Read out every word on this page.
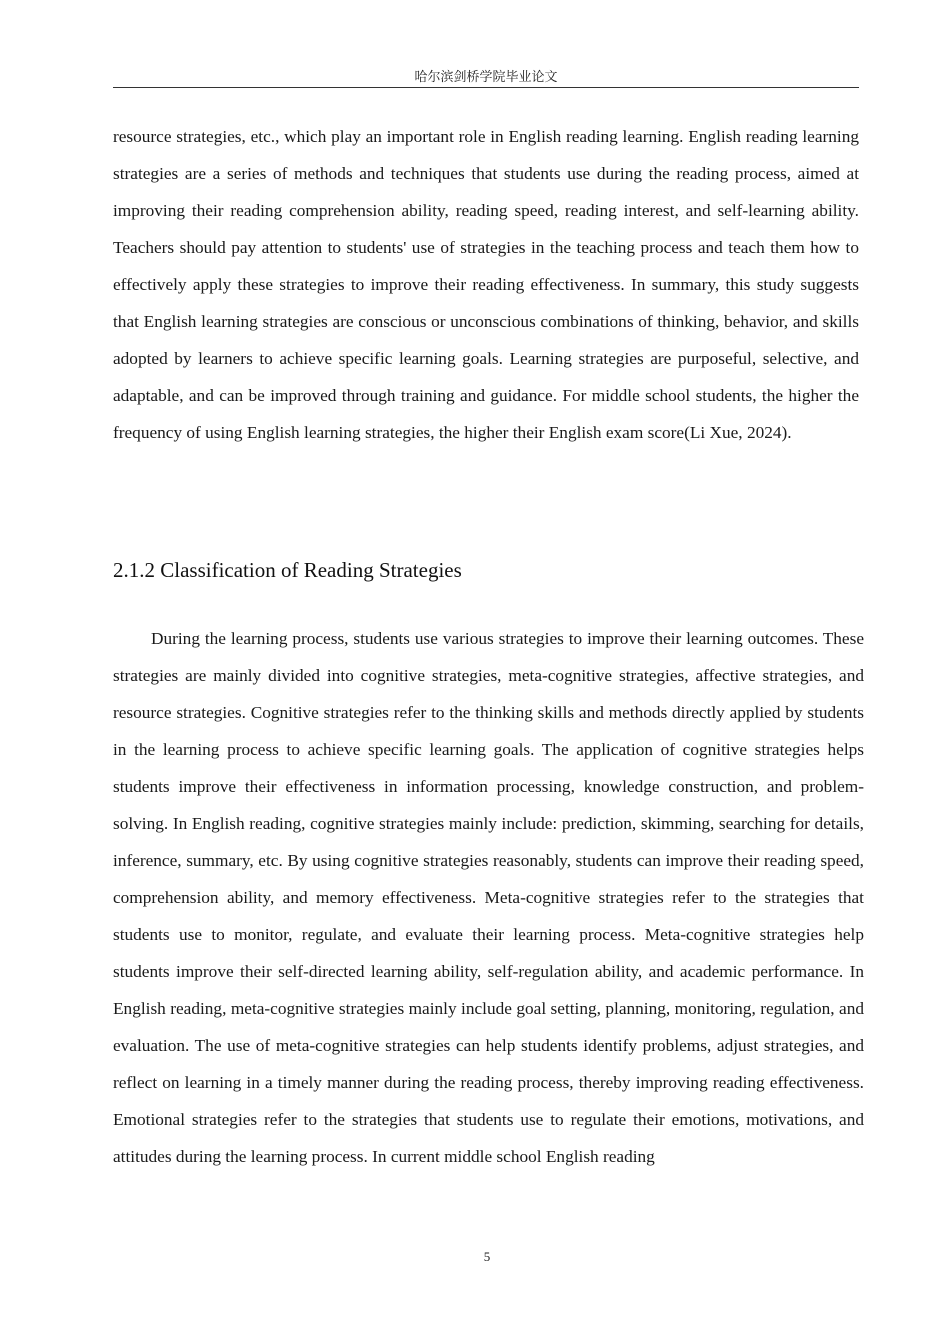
哈尔滨剑桥学院毕业论文

resource strategies, etc., which play an important role in English reading learning. English reading learning strategies are a series of methods and techniques that students use during the reading process, aimed at improving their reading comprehension ability, reading speed, reading interest, and self-learning ability. Teachers should pay attention to students' use of strategies in the teaching process and teach them how to effectively apply these strategies to improve their reading effectiveness. In summary, this study suggests that English learning strategies are conscious or unconscious combinations of thinking, behavior, and skills adopted by learners to achieve specific learning goals. Learning strategies are purposeful, selective, and adaptable, and can be improved through training and guidance. For middle school students, the higher the frequency of using English learning strategies, the higher their English exam score(Li Xue, 2024).

2.1.2 Classification of Reading Strategies

During the learning process, students use various strategies to improve their learning outcomes. These strategies are mainly divided into cognitive strategies, meta-cognitive strategies, affective strategies, and resource strategies. Cognitive strategies refer to the thinking skills and methods directly applied by students in the learning process to achieve specific learning goals. The application of cognitive strategies helps students improve their effectiveness in information processing, knowledge construction, and problem-solving. In English reading, cognitive strategies mainly include: prediction, skimming, searching for details, inference, summary, etc. By using cognitive strategies reasonably, students can improve their reading speed, comprehension ability, and memory effectiveness. Meta-cognitive strategies refer to the strategies that students use to monitor, regulate, and evaluate their learning process. Meta-cognitive strategies help students improve their self-directed learning ability, self-regulation ability, and academic performance. In English reading, meta-cognitive strategies mainly include goal setting, planning, monitoring, regulation, and evaluation. The use of meta-cognitive strategies can help students identify problems, adjust strategies, and reflect on learning in a timely manner during the reading process, thereby improving reading effectiveness. Emotional strategies refer to the strategies that students use to regulate their emotions, motivations, and attitudes during the learning process. In current middle school English reading

5
